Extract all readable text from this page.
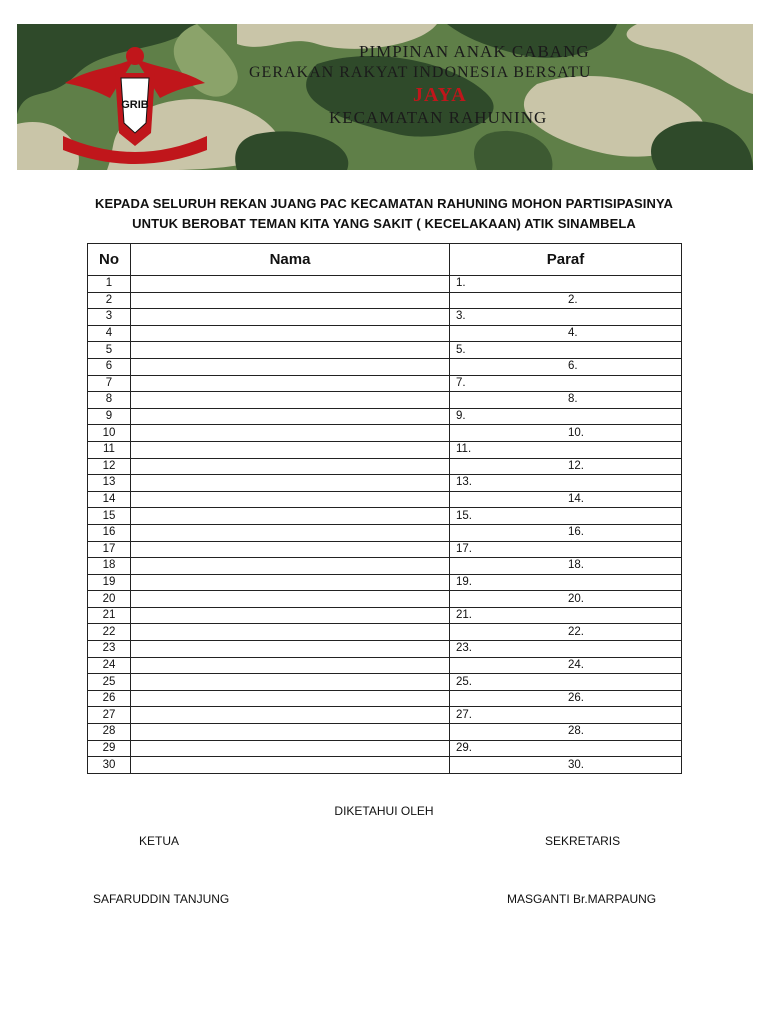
GRIB
PIMPINAN ANAK CABANG
GERAKAN RAKYAT INDONESIA BERSATU
JAYA
KECAMATAN RAHUNING
KEPADA SELURUH REKAN JUANG PAC KECAMATAN RAHUNING MOHON PARTISIPASINYA
UNTUK BEROBAT TEMAN KITA YANG SAKIT ( KECELAKAAN) ATIK SINAMBELA
No	Nama	Paraf
1		1.
2		2.

3		3.
4		4.

5		5.
6		6.

7		7.
8		8.

9		9.
10		10.

11		11.
12		12.

13		13.
14		14.

15		15.
16		16.

17		17.
18		18.

19		19.
20		20.

21		21.
22		22.

23		23.
24		24.

25		25.
26		26.

27		27.
28		28.

29		29.
30		30.
DIKETAHUI OLEH
KETUA	SEKRETARIS
SAFARUDDIN TANJUNG	MASGANTI Br.MARPAUNG
